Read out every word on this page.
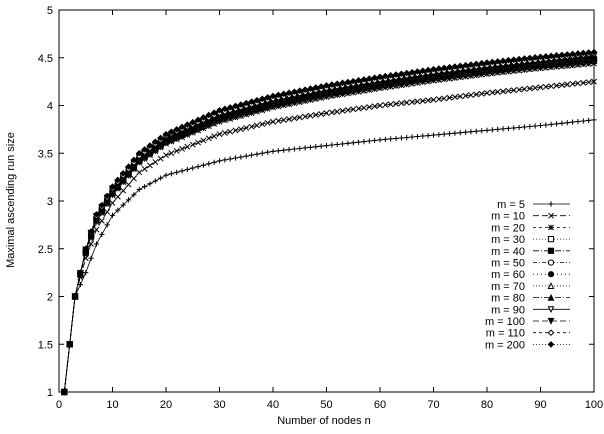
0	10	20	30	40	50	60	70	80	90	100
1
1.5
2
2.5
3
3.5
4
4.5
5
m = 5
m = 10
m = 20
m = 30
m = 40
m = 50
m = 60
m = 70
m = 80
m = 90
m = 100
m = 110
m = 200
Number of nodes n
Maximal ascending run size
